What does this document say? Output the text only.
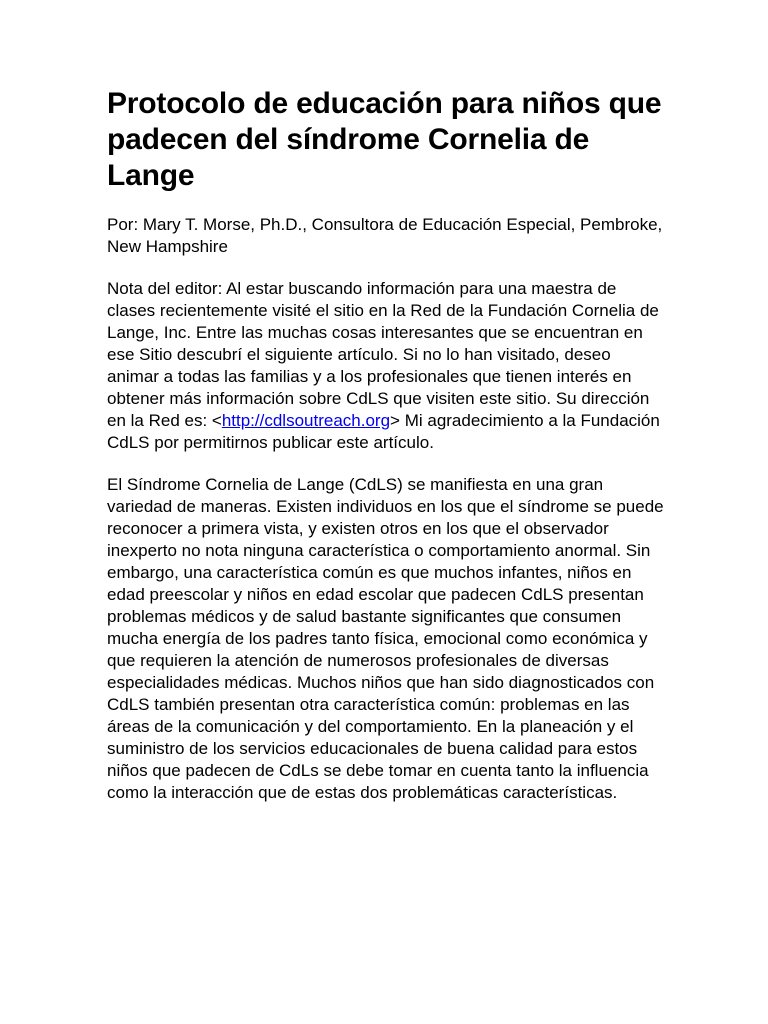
Protocolo de educación para niños que padecen del síndrome Cornelia de Lange

Por: Mary T. Morse, Ph.D., Consultora de Educación Especial, Pembroke, New Hampshire

Nota del editor: Al estar buscando información para una maestra de clases recientemente visité el sitio en la Red de la Fundación Cornelia de Lange, Inc. Entre las muchas cosas interesantes que se encuentran en ese Sitio descubrí el siguiente artículo. Si no lo han visitado, deseo animar a todas las familias y a los profesionales que tienen interés en obtener más información sobre CdLS que visiten este sitio. Su dirección en la Red es: <http://cdlsoutreach.org> Mi agradecimiento a la Fundación CdLS por permitirnos publicar este artículo.

El Síndrome Cornelia de Lange (CdLS) se manifiesta en una gran variedad de maneras. Existen individuos en los que el síndrome se puede reconocer a primera vista, y existen otros en los que el observador inexperto no nota ninguna característica o comportamiento anormal. Sin embargo, una característica común es que muchos infantes, niños en edad preescolar y niños en edad escolar que padecen CdLS presentan problemas médicos y de salud bastante significantes que consumen mucha energía de los padres tanto física, emocional como económica y que requieren la atención de numerosos profesionales de diversas especialidades médicas. Muchos niños que han sido diagnosticados con CdLS también presentan otra característica común: problemas en las áreas de la comunicación y del comportamiento. En la planeación y el suministro de los servicios educacionales de buena calidad para estos niños que padecen de CdLs se debe tomar en cuenta tanto la influencia como la interacción que de estas dos problemáticas características.
